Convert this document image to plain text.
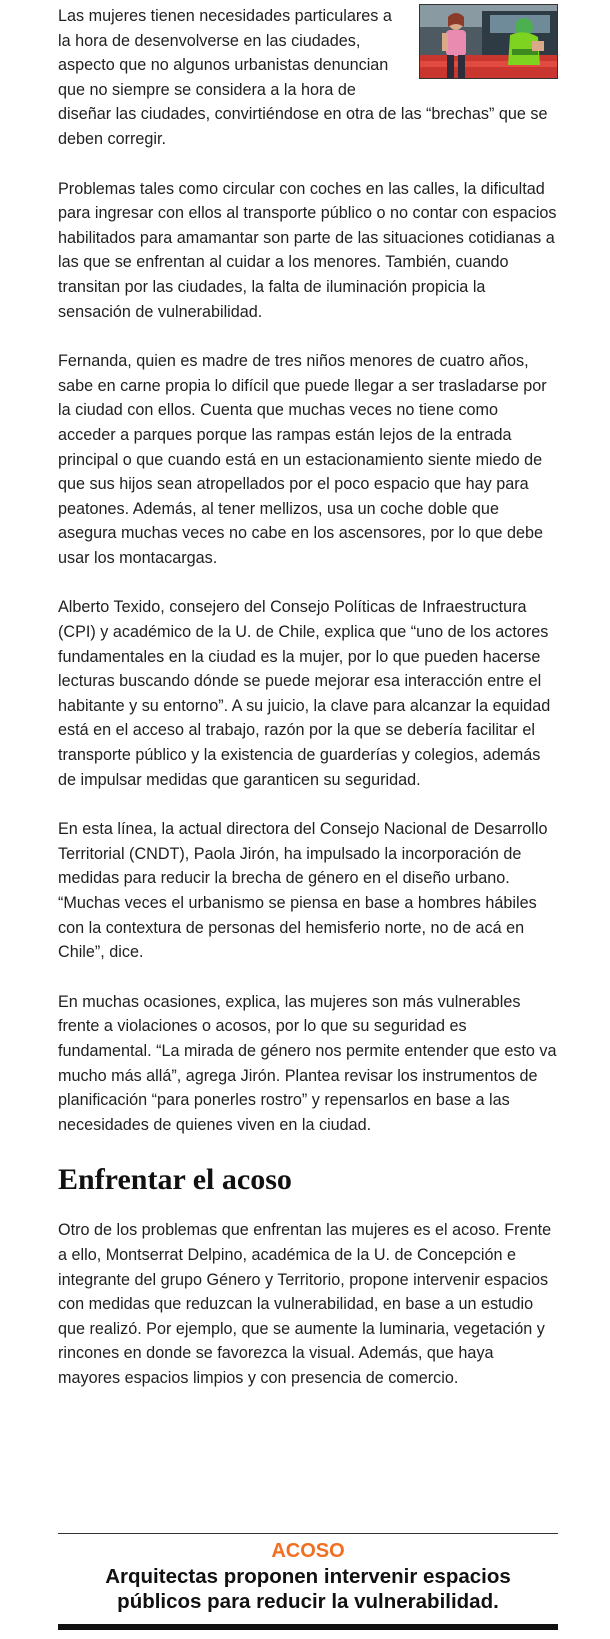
Las mujeres tienen necesidades particulares a la hora de desenvolverse en las ciudades, aspecto que no algunos urbanistas denuncian que no siempre se considera a la hora de diseñar las ciudades, convirtiéndose en otra de las “brechas” que se deben corregir.

Problemas tales como circular con coches en las calles, la dificultad para ingresar con ellos al transporte público o no contar con espacios habilitados para amamantar son parte de las situaciones cotidianas a las que se enfrentan al cuidar a los menores. También, cuando transitan por las ciudades, la falta de iluminación propicia la sensación de vulnerabilidad.

Fernanda, quien es madre de tres niños menores de cuatro años, sabe en carne propia lo difícil que puede llegar a ser trasladarse por la ciudad con ellos. Cuenta que muchas veces no tiene como acceder a parques porque las rampas están lejos de la entrada principal o que cuando está en un estacionamiento siente miedo de que sus hijos sean atropellados por el poco espacio que hay para peatones. Además, al tener mellizos, usa un coche doble que asegura muchas veces no cabe en los ascensores, por lo que debe usar los montacargas.

Alberto Texido, consejero del Consejo Políticas de Infraestructura (CPI) y académico de la U. de Chile, explica que “uno de los actores fundamentales en la ciudad es la mujer, por lo que pueden hacerse lecturas buscando dónde se puede mejorar esa interacción entre el habitante y su entorno”. A su juicio, la clave para alcanzar la equidad está en el acceso al trabajo, razón por la que se debería facilitar el transporte público y la existencia de guarderías y colegios, además de impulsar medidas que garanticen su seguridad.

En esta línea, la actual directora del Consejo Nacional de Desarrollo Territorial (CNDT), Paola Jirón, ha impulsado la incorporación de medidas para reducir la brecha de género en el diseño urbano. “Muchas veces el urbanismo se piensa en base a hombres hábiles con la contextura de personas del hemisferio norte, no de acá en Chile”, dice.

En muchas ocasiones, explica, las mujeres son más vulnerables frente a violaciones o acosos, por lo que su seguridad es fundamental. “La mirada de género nos permite entender que esto va mucho más allá”, agrega Jirón. Plantea revisar los instrumentos de planificación “para ponerles rostro” y repensarlos en base a las necesidades de quienes viven en la ciudad.

Enfrentar el acoso

Otro de los problemas que enfrentan las mujeres es el acoso. Frente a ello, Montserrat Delpino, académica de la U. de Concepción e integrante del grupo Género y Territorio, propone intervenir espacios con medidas que reduzcan la vulnerabilidad, en base a un estudio que realizó. Por ejemplo, que se aumente la luminaria, vegetación y rincones en donde se favorezca la visual. Además, que haya mayores espacios limpios y con presencia de comercio.

ACOSO
Arquitectas proponen intervenir espacios públicos para reducir la vulnerabilidad.
